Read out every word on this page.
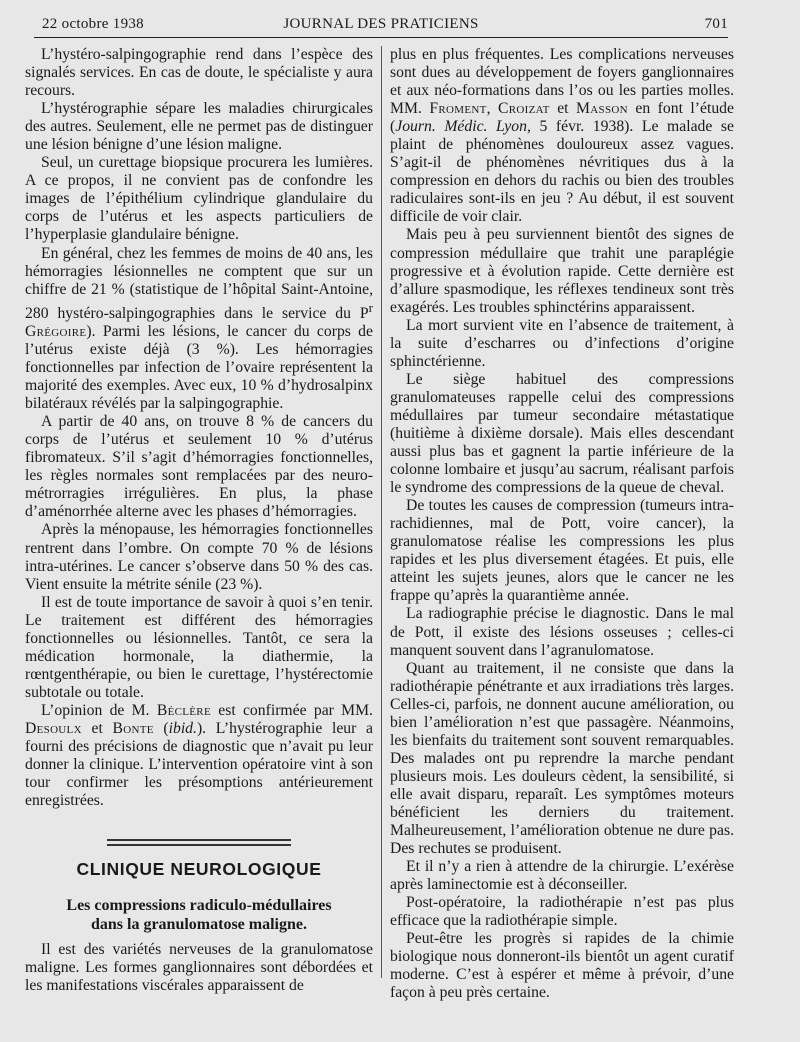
22 octobre 1938	JOURNAL DES PRATICIENS	701

L’hystéro-salpingographie rend dans l’espèce des signalés services. En cas de doute, le spécialiste y aura recours.

L’hystérographie sépare les maladies chirurgicales des autres. Seulement, elle ne permet pas de distinguer une lésion bénigne d’une lésion maligne.

Seul, un curettage biopsique procurera les lumières. A ce propos, il ne convient pas de confondre les images de l’épithélium cylindrique glandulaire du corps de l’utérus et les aspects particuliers de l’hyperplasie glandulaire bénigne.

En général, chez les femmes de moins de 40 ans, les hémorragies lésionnelles ne comptent que sur un chiffre de 21 % (statistique de l’hôpital Saint-Antoine, 280 hystéro-salpingographies dans le service du $P^r$ Grégoire). Parmi les lésions, le cancer du corps de l’utérus existe déjà (3 %). Les hémorragies fonctionnelles par infection de l’ovaire représentent la majorité des exemples. Avec eux, 10 % d’hydrosalpinx bilatéraux révélés par la salpingographie.

A partir de 40 ans, on trouve 8 % de cancers du corps de l’utérus et seulement 10 % d’utérus fibromateux. S’il s’agit d’hémorragies fonctionnelles, les règles normales sont remplacées par des neuro-métrorragies irrégulières. En plus, la phase d’aménorrhée alterne avec les phases d’hémorragies.

Après la ménopause, les hémorragies fonctionnelles rentrent dans l’ombre. On compte 70 % de lésions intra-utérines. Le cancer s’observe dans 50 % des cas. Vient ensuite la métrite sénile (23 %).

Il est de toute importance de savoir à quoi s’en tenir. Le traitement est différent des hémorragies fonctionnelles ou lésionnelles. Tantôt, ce sera la médication hormonale, la diathermie, la rœntgenthérapie, ou bien le curettage, l’hystérectomie subtotale ou totale.

L’opinion de M. Béclère est confirmée par MM. Desoulx et Bonte (ibid.). L’hystérographie leur a fourni des précisions de diagnostic que n’avait pu leur donner la clinique. L’intervention opératoire vint à son tour confirmer les présomptions antérieurement enregistrées.

CLINIQUE NEUROLOGIQUE
Les compressions radiculo-médullaires
dans la granulomatose maligne.

Il est des variétés nerveuses de la granulomatose maligne. Les formes ganglionnaires sont débordées et les manifestations viscérales apparaissent de

plus en plus fréquentes. Les complications nerveuses sont dues au développement de foyers ganglionnaires et aux néo-formations dans l’os ou les parties molles. MM. Froment, Croizat et Masson en font l’étude (Journ. Médic. Lyon, 5 févr. 1938). Le malade se plaint de phénomènes douloureux assez vagues. S’agit-il de phénomènes névritiques dus à la compression en dehors du rachis ou bien des troubles radiculaires sont-ils en jeu ? Au début, il est souvent difficile de voir clair.

Mais peu à peu surviennent bientôt des signes de compression médullaire que trahit une paraplégie progressive et à évolution rapide. Cette dernière est d’allure spasmodique, les réflexes tendineux sont très exagérés. Les troubles sphinctérins apparaissent.

La mort survient vite en l’absence de traitement, à la suite d’escharres ou d’infections d’origine sphinctérienne.

Le siège habituel des compressions granulomateuses rappelle celui des compressions médullaires par tumeur secondaire métastatique (huitième à dixième dorsale). Mais elles descendant aussi plus bas et gagnent la partie inférieure de la colonne lombaire et jusqu’au sacrum, réalisant parfois le syndrome des compressions de la queue de cheval.

De toutes les causes de compression (tumeurs intra-rachidiennes, mal de Pott, voire cancer), la granulomatose réalise les compressions les plus rapides et les plus diversement étagées. Et puis, elle atteint les sujets jeunes, alors que le cancer ne les frappe qu’après la quarantième année.

La radiographie précise le diagnostic. Dans le mal de Pott, il existe des lésions osseuses ; celles-ci manquent souvent dans l’agranulomatose.

Quant au traitement, il ne consiste que dans la radiothérapie pénétrante et aux irradiations très larges. Celles-ci, parfois, ne donnent aucune amélioration, ou bien l’amélioration n’est que passagère. Néanmoins, les bienfaits du traitement sont souvent remarquables. Des malades ont pu reprendre la marche pendant plusieurs mois. Les douleurs cèdent, la sensibilité, si elle avait disparu, reparaît. Les symptômes moteurs bénéficient les derniers du traitement. Malheureusement, l’amélioration obtenue ne dure pas. Des rechutes se produisent.

Et il n’y a rien à attendre de la chirurgie. L’exérèse après laminectomie est à déconseiller.

Post-opératoire, la radiothérapie n’est pas plus efficace que la radiothérapie simple.

Peut-être les progrès si rapides de la chimie biologique nous donneront-ils bientôt un agent curatif moderne. C’est à espérer et même à prévoir, d’une façon à peu près certaine.
